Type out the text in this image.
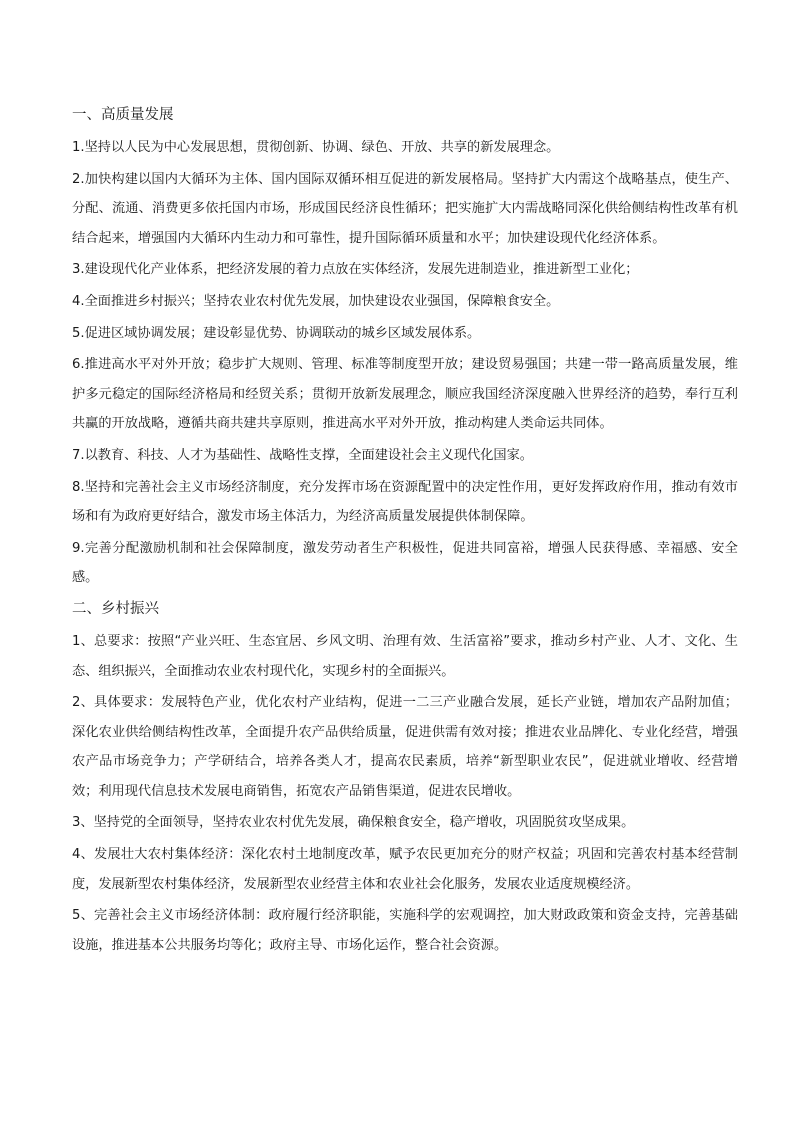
一、高质量发展
1.坚持以人民为中心发展思想，贯彻创新、协调、绿色、开放、共享的新发展理念。
2.加快构建以国内大循环为主体、国内国际双循环相互促进的新发展格局。坚持扩大内需这个战略基点，使生产、分配、流通、消费更多依托国内市场，形成国民经济良性循环；把实施扩大内需战略同深化供给侧结构性改革有机结合起来，增强国内大循环内生动力和可靠性，提升国际循环质量和水平；加快建设现代化经济体系。
3.建设现代化产业体系，把经济发展的着力点放在实体经济，发展先进制造业，推进新型工业化；
4.全面推进乡村振兴；坚持农业农村优先发展，加快建设农业强国，保障粮食安全。
5.促进区域协调发展；建设彰显优势、协调联动的城乡区域发展体系。
6.推进高水平对外开放；稳步扩大规则、管理、标准等制度型开放；建设贸易强国；共建一带一路高质量发展，维护多元稳定的国际经济格局和经贸关系；贯彻开放新发展理念，顺应我国经济深度融入世界经济的趋势，奉行互利共赢的开放战略，遵循共商共建共享原则，推进高水平对外开放，推动构建人类命运共同体。
7.以教育、科技、人才为基础性、战略性支撑，全面建设社会主义现代化国家。
8.坚持和完善社会主义市场经济制度，充分发挥市场在资源配置中的决定性作用，更好发挥政府作用，推动有效市场和有为政府更好结合，激发市场主体活力，为经济高质量发展提供体制保障。
9.完善分配激励机制和社会保障制度，激发劳动者生产积极性，促进共同富裕，增强人民获得感、幸福感、安全感。
二、乡村振兴
1、总要求：按照“产业兴旺、生态宜居、乡风文明、治理有效、生活富裕”要求，推动乡村产业、人才、文化、生态、组织振兴，全面推动农业农村现代化，实现乡村的全面振兴。
2、具体要求：发展特色产业，优化农村产业结构，促进一二三产业融合发展，延长产业链，增加农产品附加值；深化农业供给侧结构性改革，全面提升农产品供给质量，促进供需有效对接；推进农业品牌化、专业化经营，增强农产品市场竞争力；产学研结合，培养各类人才，提高农民素质，培养“新型职业农民”，促进就业增收、经营增效；利用现代信息技术发展电商销售，拓宽农产品销售渠道，促进农民增收。
3、坚持党的全面领导，坚持农业农村优先发展，确保粮食安全，稳产增收，巩固脱贫攻坚成果。
4、发展壮大农村集体经济：深化农村土地制度改革，赋予农民更加充分的财产权益；巩固和完善农村基本经营制度，发展新型农村集体经济，发展新型农业经营主体和农业社会化服务，发展农业适度规模经济。
5、完善社会主义市场经济体制：政府履行经济职能，实施科学的宏观调控，加大财政政策和资金支持，完善基础设施，推进基本公共服务均等化；政府主导、市场化运作，整合社会资源。
